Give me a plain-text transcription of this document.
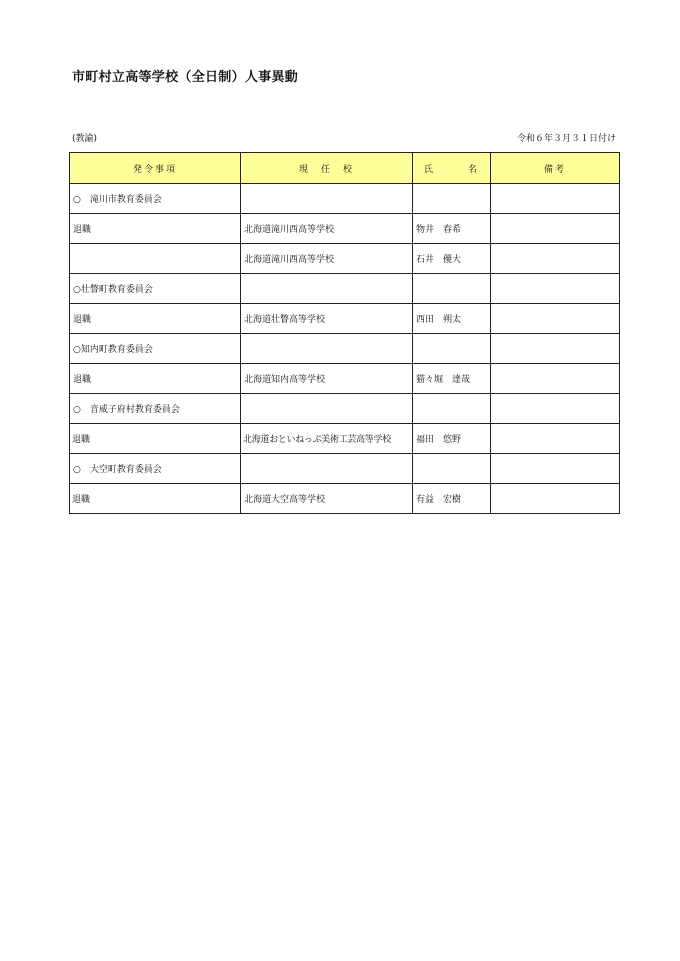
市町村立高等学校（全日制）人事異動
(教諭)	令和６年３月３１日付け
発令事項	現　任　校	氏　　　名	備考
○　滝川市教育委員会			
退職	北海道滝川西高等学校	物井　春希	
	北海道滝川西高等学校	石井　優大	
○壮瞥町教育委員会			
退職	北海道壮瞥高等学校	西田　朔太	
○知内町教育委員会			
退職	北海道知内高等学校	猫々堀　達哉	
○　音威子府村教育委員会			
退職	北海道おといねっぷ美術工芸高等学校	福田　悠野	
○　大空町教育委員会			
退職	北海道大空高等学校	有益　宏樹	
